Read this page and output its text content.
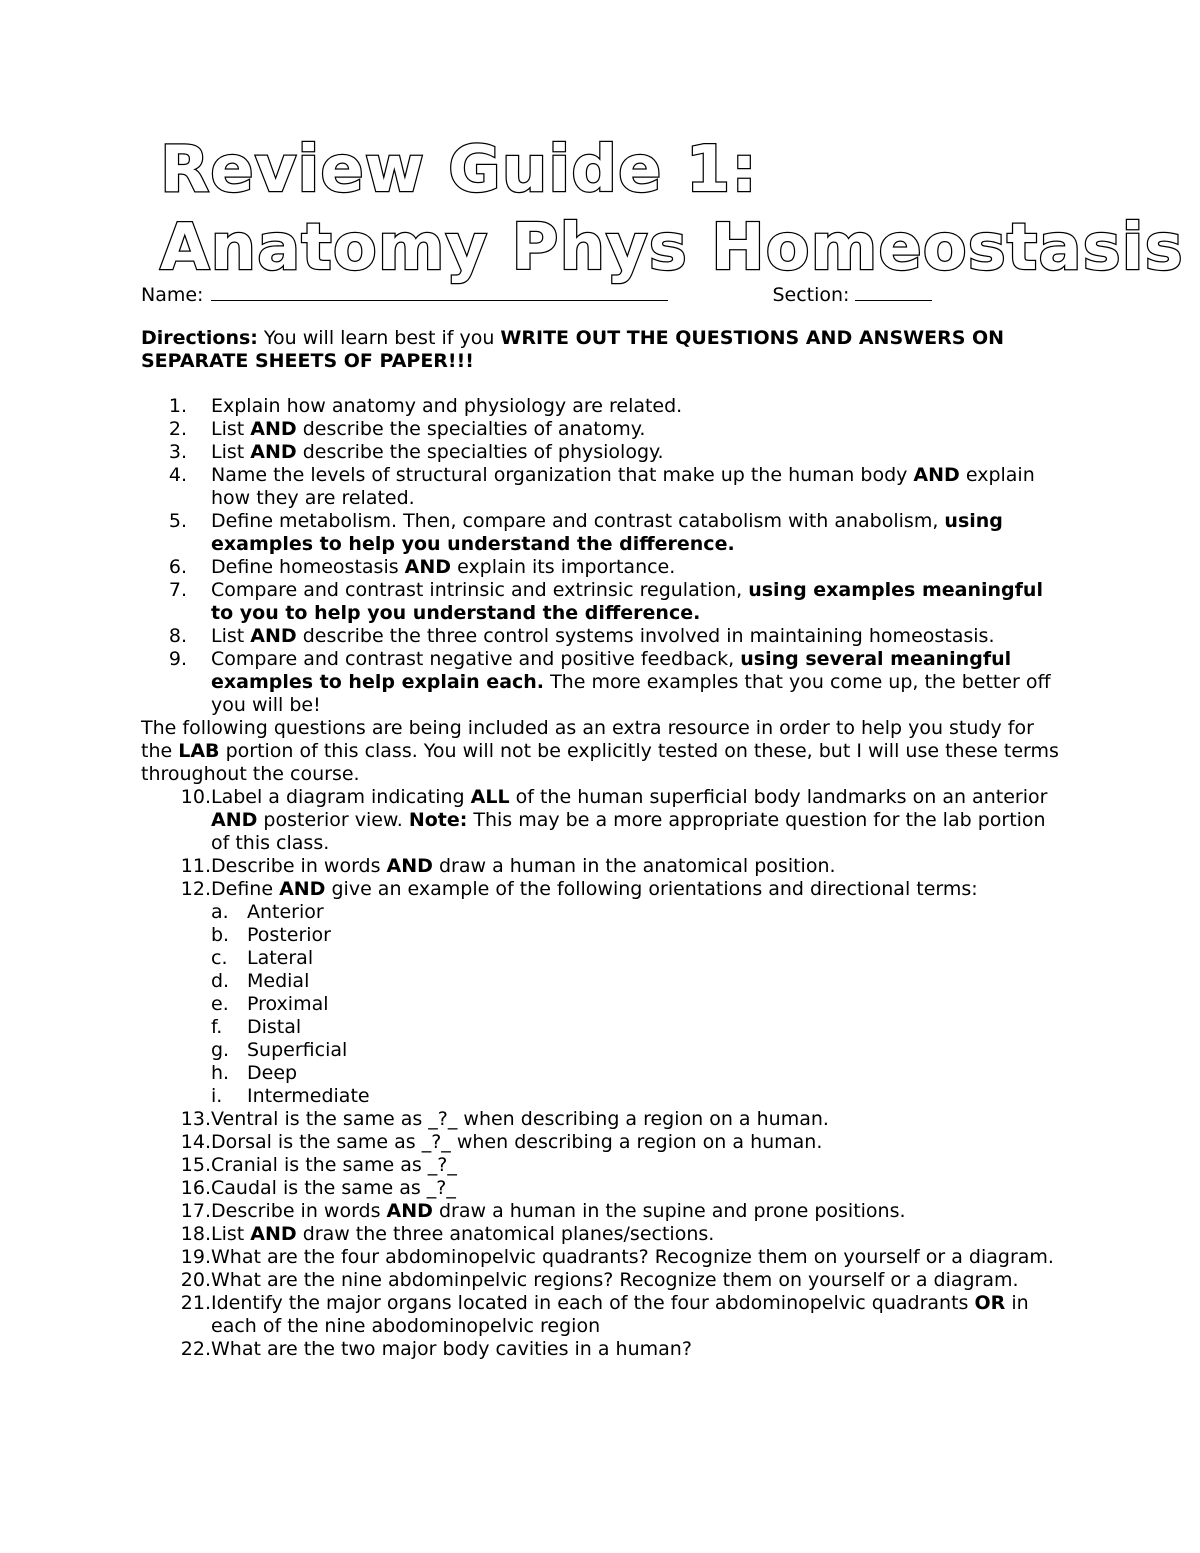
Review Guide 1:
Anatomy Phys Homeostasis
Name:	Section:
Directions: You will learn best if you WRITE OUT THE QUESTIONS AND ANSWERS ON SEPARATE SHEETS OF PAPER!!!
1. Explain how anatomy and physiology are related.
2. List AND describe the specialties of anatomy.
3. List AND describe the specialties of physiology.
4. Name the levels of structural organization that make up the human body AND explain how they are related.
5. Define metabolism. Then, compare and contrast catabolism with anabolism, using examples to help you understand the difference.
6. Define homeostasis AND explain its importance.
7. Compare and contrast intrinsic and extrinsic regulation, using examples meaningful to you to help you understand the difference.
8. List AND describe the three control systems involved in maintaining homeostasis.
9. Compare and contrast negative and positive feedback, using several meaningful examples to help explain each. The more examples that you come up, the better off you will be!
The following questions are being included as an extra resource in order to help you study for the LAB portion of this class. You will not be explicitly tested on these, but I will use these terms throughout the course.
10. Label a diagram indicating ALL of the human superficial body landmarks on an anterior AND posterior view. Note: This may be a more appropriate question for the lab portion of this class.
11. Describe in words AND draw a human in the anatomical position.
12. Define AND give an example of the following orientations and directional terms:
a. Anterior
b. Posterior
c. Lateral
d. Medial
e. Proximal
f. Distal
g. Superficial
h. Deep
i. Intermediate
13. Ventral is the same as _?_ when describing a region on a human.
14. Dorsal is the same as _?_ when describing a region on a human.
15. Cranial is the same as _?_
16. Caudal is the same as _?_
17. Describe in words AND draw a human in the supine and prone positions.
18. List AND draw the three anatomical planes/sections.
19. What are the four abdominopelvic quadrants? Recognize them on yourself or a diagram.
20. What are the nine abdominpelvic regions? Recognize them on yourself or a diagram.
21. Identify the major organs located in each of the four abdominopelvic quadrants OR in each of the nine abodominopelvic region
22. What are the two major body cavities in a human?
